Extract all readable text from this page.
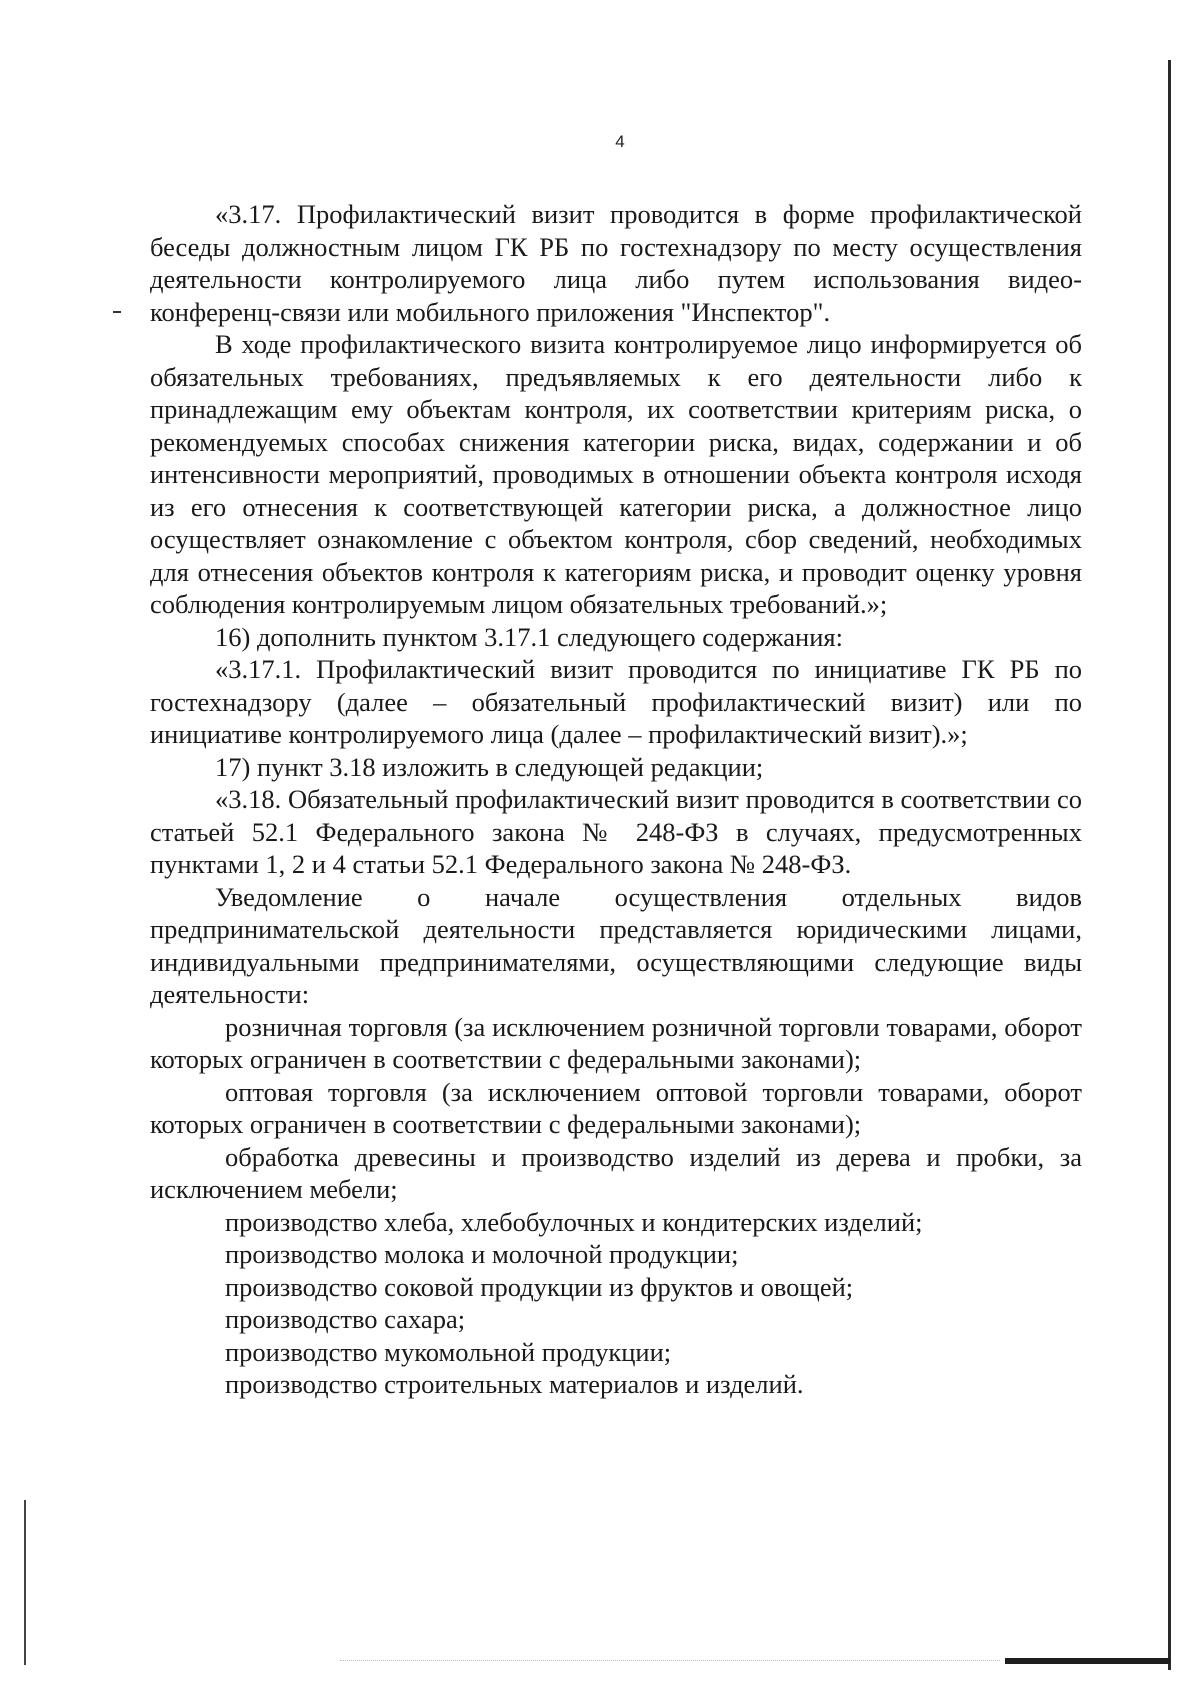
4

«3.17. Профилактический визит проводится в форме профилактической беседы должностным лицом ГК РБ по гостехнадзору по месту осуществления деятельности контролируемого лица либо путем использования видео-конференц-связи или мобильного приложения "Инспектор".

В ходе профилактического визита контролируемое лицо информируется об обязательных требованиях, предъявляемых к его деятельности либо к принадлежащим ему объектам контроля, их соответствии критериям риска, о рекомендуемых способах снижения категории риска, видах, содержании и об интенсивности мероприятий, проводимых в отношении объекта контроля исходя из его отнесения к соответствующей категории риска, а должностное лицо осуществляет ознакомление с объектом контроля, сбор сведений, необходимых для отнесения объектов контроля к категориям риска, и проводит оценку уровня соблюдения контролируемым лицом обязательных требований.»;

16) дополнить пунктом 3.17.1 следующего содержания:

«3.17.1. Профилактический визит проводится по инициативе ГК РБ по гостехнадзору (далее – обязательный профилактический визит) или по инициативе контролируемого лица (далее – профилактический визит).»;

17) пункт 3.18 изложить в следующей редакции;

«3.18. Обязательный профилактический визит проводится в соответствии со статьей 52.1 Федерального закона № 248-ФЗ в случаях, предусмотренных пунктами 1, 2 и 4 статьи 52.1 Федерального закона № 248-ФЗ.

Уведомление о начале осуществления отдельных видов предпринимательской деятельности представляется юридическими лицами, индивидуальными предпринимателями, осуществляющими следующие виды деятельности:

розничная торговля (за исключением розничной торговли товарами, оборот которых ограничен в соответствии с федеральными законами);

оптовая торговля (за исключением оптовой торговли товарами, оборот которых ограничен в соответствии с федеральными законами);

обработка древесины и производство изделий из дерева и пробки, за исключением мебели;

производство хлеба, хлебобулочных и кондитерских изделий;

производство молока и молочной продукции;

производство соковой продукции из фруктов и овощей;

производство сахара;

производство мукомольной продукции;

производство строительных материалов и изделий.
